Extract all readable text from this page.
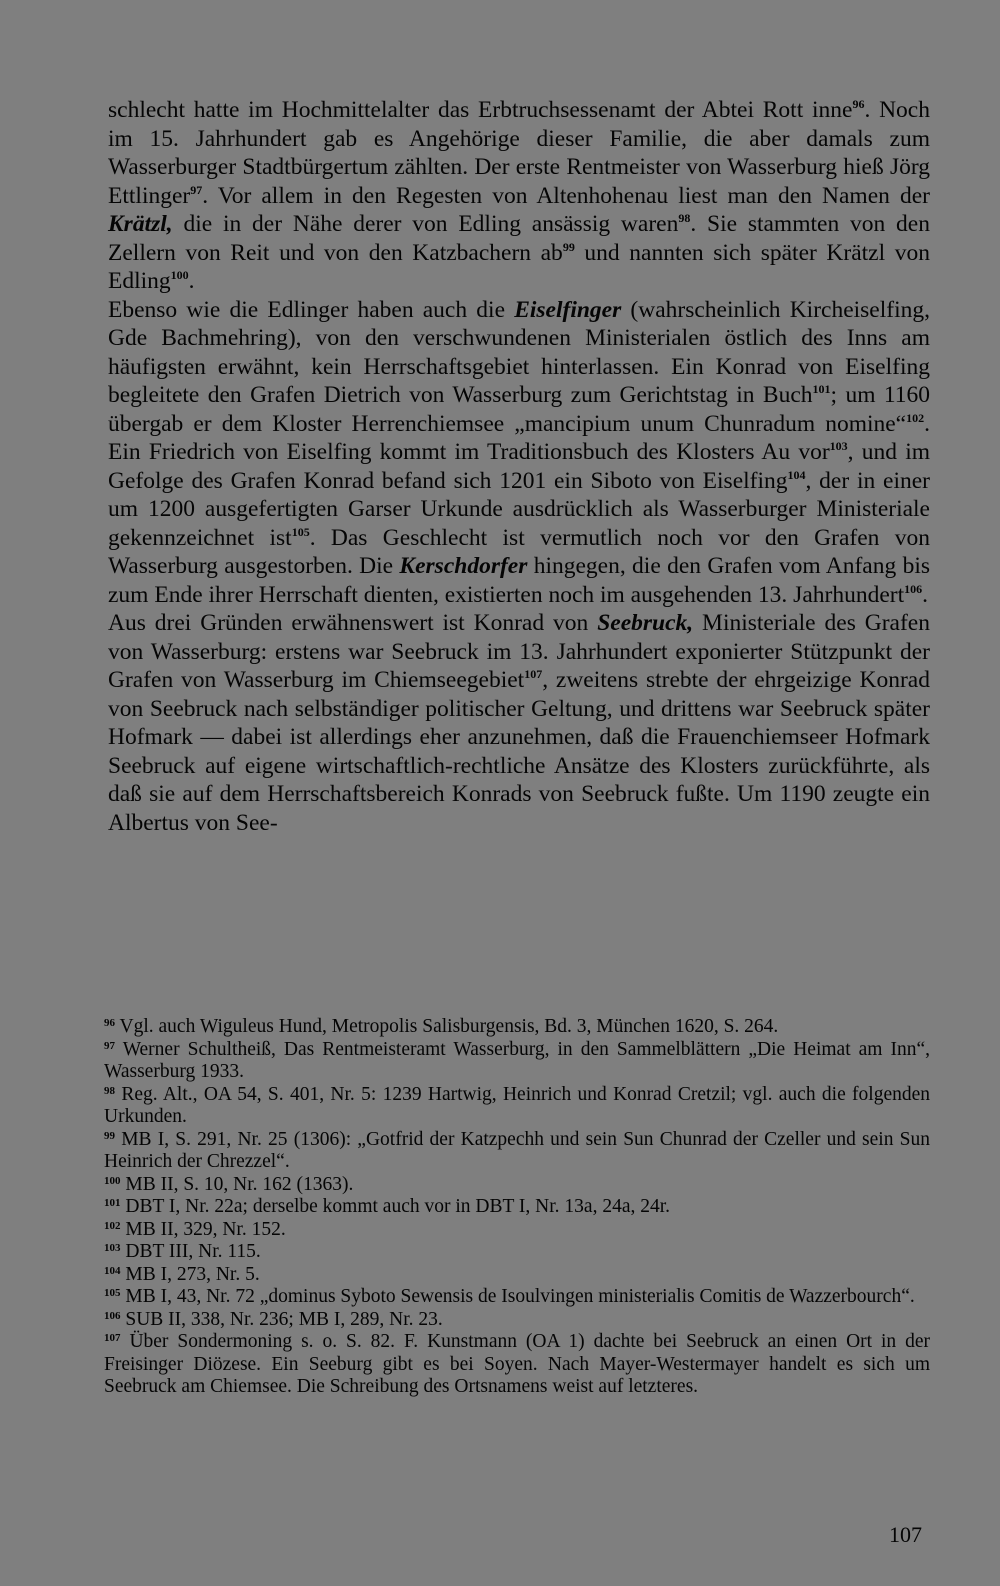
schlecht hatte im Hochmittelalter das Erbtruchsessenamt der Abtei Rott inne$^{96}$. Noch im 15. Jahrhundert gab es Angehörige dieser Familie, die aber damals zum Wasserburger Stadtbürgertum zählten. Der erste Rentmeister von Wasserburg hieß Jörg Ettlinger$^{97}$. Vor allem in den Regesten von Altenhohenau liest man den Namen der Krätzl, die in der Nähe derer von Edling ansässig waren$^{98}$. Sie stammten von den Zellern von Reit und von den Katzbachern $ab^{99}$ und nannten sich später Krätzl von Edling$^{100}$.

Ebenso wie die Edlinger haben auch die Eiselfinger (wahrscheinlich Kircheiselfing, Gde Bachmehring), von den verschwundenen Ministerialen östlich des Inns am häufigsten erwähnt, kein Herrschaftsgebiet hinterlassen. Ein Konrad von Eiselfing begleitete den Grafen Dietrich von Wasserburg zum Gerichtstag in Buch$^{101}$; um 1160 übergab er dem Kloster Herrenchiemsee „mancipium unum Chunradum nomine“$^{102}$. Ein Friedrich von Eiselfing kommt im Traditionsbuch des Klosters Au vor$^{103}$, und im Gefolge des Grafen Konrad befand sich 1201 ein Siboto von Eiselfing$^{104}$, der in einer um 1200 ausgefertigten Garser Urkunde ausdrücklich als Wasserburger Ministeriale gekennzeichnet ist$^{105}$. Das Geschlecht ist vermutlich noch vor den Grafen von Wasserburg ausgestorben. Die Kerschdorfer hingegen, die den Grafen vom Anfang bis zum Ende ihrer Herrschaft dienten, existierten noch im ausgehenden 13. Jahrhundert$^{106}$.

Aus drei Gründen erwähnenswert ist Konrad von Seebruck, Ministeriale des Grafen von Wasserburg: erstens war Seebruck im 13. Jahrhundert exponierter Stützpunkt der Grafen von Wasserburg im Chiemseegebiet$^{107}$, zweitens strebte der ehrgeizige Konrad von Seebruck nach selbständiger politischer Geltung, und drittens war Seebruck später Hofmark — dabei ist allerdings eher anzunehmen, daß die Frauenchiemseer Hofmark Seebruck auf eigene wirtschaftlich-rechtliche Ansätze des Klosters zurückführte, als daß sie auf dem Herrschaftsbereich Konrads von Seebruck fußte. Um 1190 zeugte ein Albertus von See-

$^{96}$ Vgl. auch Wiguleus Hund, Metropolis Salisburgensis, Bd. 3, München 1620, S. 264.

$^{97}$ Werner Schultheiß, Das Rentmeisteramt Wasserburg, in den Sammelblättern „Die Heimat am Inn“, Wasserburg 1933.

$^{98}$ Reg. Alt., OA 54, S. 401, Nr. 5: 1239 Hartwig, Heinrich und Konrad Cretzil; vgl. auch die folgenden Urkunden.

$^{99}$ MB I, S. 291, Nr. 25 (1306): „Gotfrid der Katzpechh und sein Sun Chunrad der Czeller und sein Sun Heinrich der Chrezzel“.

$^{100}$ MB II, S. 10, Nr. 162 (1363).

$^{101}$ DBT I, Nr. 22a; derselbe kommt auch vor in DBT I, Nr. 13a, 24a, 24r.

$^{102}$ MB II, 329, Nr. 152.

$^{103}$ DBT III, Nr. 115.

$^{104}$ MB I, 273, Nr. 5.

$^{105}$ MB I, 43, Nr. 72 „dominus Syboto Sewensis de Isoulvingen ministerialis Comitis de Wazzerbourch“.

$^{106}$ SUB II, 338, Nr. 236; MB I, 289, Nr. 23.

$^{107}$ Über Sondermoning s. o. S. 82. F. Kunstmann (OA 1) dachte bei Seebruck an einen Ort in der Freisinger Diözese. Ein Seeburg gibt es bei Soyen. Nach Mayer-Westermayer handelt es sich um Seebruck am Chiemsee. Die Schreibung des Ortsnamens weist auf letzteres.

107
